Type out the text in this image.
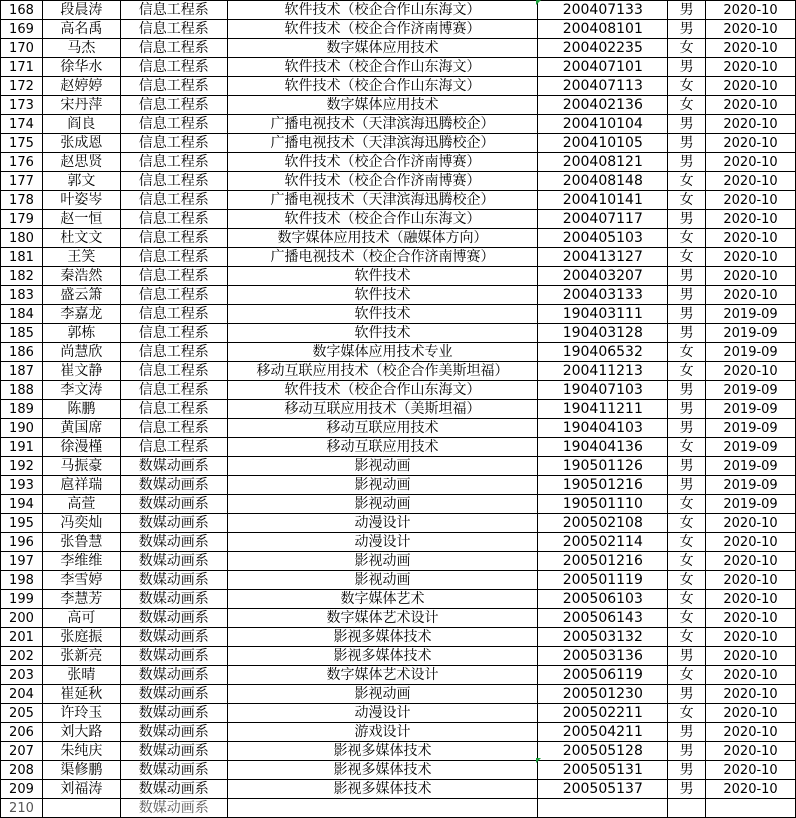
168	段晨涛	信息工程系	软件技术（校企合作山东海文）	200407133	男	2020-10
169	高名禹	信息工程系	软件技术（校企合作济南博赛）	200408101	男	2020-10
170	马杰	信息工程系	数字媒体应用技术	200402235	女	2020-10
171	徐华水	信息工程系	软件技术（校企合作山东海文）	200407101	男	2020-10
172	赵婷婷	信息工程系	软件技术（校企合作山东海文）	200407113	女	2020-10
173	宋丹萍	信息工程系	数字媒体应用技术	200402136	女	2020-10
174	阎良	信息工程系	广播电视技术（天津滨海迅腾校企）	200410104	男	2020-10
175	张成恩	信息工程系	广播电视技术（天津滨海迅腾校企）	200410105	男	2020-10
176	赵思贤	信息工程系	软件技术（校企合作济南博赛）	200408121	男	2020-10
177	郭文	信息工程系	软件技术（校企合作济南博赛）	200408148	女	2020-10
178	叶姿岑	信息工程系	广播电视技术（天津滨海迅腾校企）	200410141	女	2020-10
179	赵一恒	信息工程系	软件技术（校企合作山东海文）	200407117	男	2020-10
180	杜文文	信息工程系	数字媒体应用技术（融媒体方向）	200405103	女	2020-10
181	王笑	信息工程系	广播电视技术（校企合作济南博赛）	200413127	女	2020-10
182	秦浩然	信息工程系	软件技术	200403207	男	2020-10
183	盛云箫	信息工程系	软件技术	200403133	男	2020-10
184	李嘉龙	信息工程系	软件技术	190403111	男	2019-09
185	郭栋	信息工程系	软件技术	190403128	男	2019-09
186	尚慧欣	信息工程系	数字媒体应用技术专业	190406532	女	2019-09
187	崔文静	信息工程系	移动互联应用技术（校企合作美斯坦福）	200411213	女	2020-10
188	李文涛	信息工程系	软件技术（校企合作山东海文）	190407103	男	2019-09
189	陈鹏	信息工程系	移动互联应用技术（美斯坦福）	190411211	男	2019-09
190	黄国席	信息工程系	移动互联应用技术	190404103	男	2019-09
191	徐漫槿	信息工程系	移动互联应用技术	190404136	女	2019-09
192	马振豪	数媒动画系	影视动画	190501126	男	2019-09
193	扈祥瑞	数媒动画系	影视动画	190501216	男	2019-09
194	高萱	数媒动画系	影视动画	190501110	女	2019-09
195	冯奕灿	数媒动画系	动漫设计	200502108	女	2020-10
196	张鲁慧	数媒动画系	动漫设计	200502114	女	2020-10
197	李维维	数媒动画系	影视动画	200501216	女	2020-10
198	李雪婷	数媒动画系	影视动画	200501119	女	2020-10
199	李慧芳	数媒动画系	数字媒体艺术	200506103	女	2020-10
200	高可	数媒动画系	数字媒体艺术设计	200506143	女	2020-10
201	张庭振	数媒动画系	影视多媒体技术	200503132	女	2020-10
202	张新亮	数媒动画系	影视多媒体技术	200503136	男	2020-10
203	张晴	数媒动画系	数字媒体艺术设计	200506119	女	2020-10
204	崔延秋	数媒动画系	影视动画	200501230	男	2020-10
205	许玲玉	数媒动画系	动漫设计	200502211	女	2020-10
206	刘大路	数媒动画系	游戏设计	200504211	男	2020-10
207	朱纯庆	数媒动画系	影视多媒体技术	200505128	男	2020-10
208	渠修鹏	数媒动画系	影视多媒体技术	200505131	男	2020-10
209	刘福涛	数媒动画系	影视多媒体技术	200505137	男	2020-10
210		数媒动画系				
